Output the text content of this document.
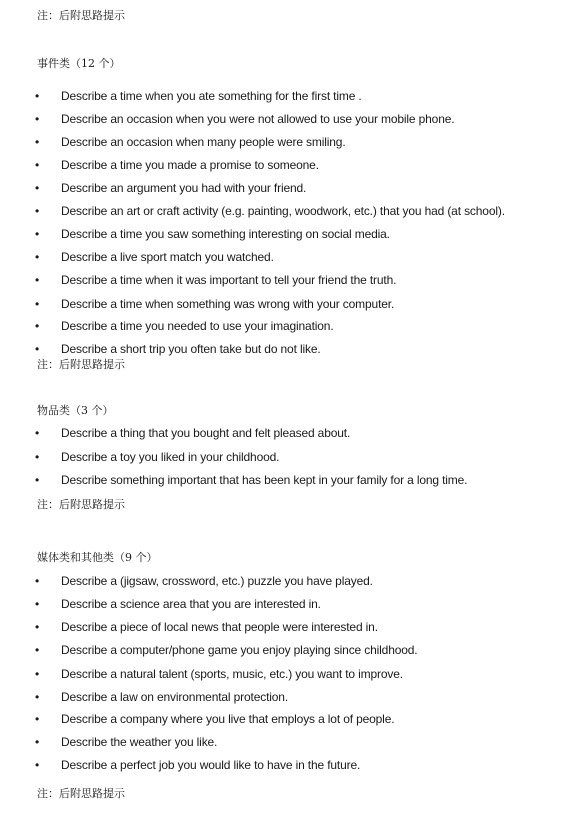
注：后附思路提示
事件类（12 个）
• Describe a time when you ate something for the first time .
• Describe an occasion when you were not allowed to use your mobile phone.
• Describe an occasion when many people were smiling.
• Describe a time you made a promise to someone.
• Describe an argument you had with your friend.
• Describe an art or craft activity (e.g. painting, woodwork, etc.) that you had (at school).
• Describe a time you saw something interesting on social media.
• Describe a live sport match you watched.
• Describe a time when it was important to tell your friend the truth.
• Describe a time when something was wrong with your computer.
• Describe a time you needed to use your imagination.
• Describe a short trip you often take but do not like.
注：后附思路提示
物品类（3 个）
• Describe a thing that you bought and felt pleased about.
• Describe a toy you liked in your childhood.
• Describe something important that has been kept in your family for a long time.
注：后附思路提示
媒体类和其他类（9 个）
• Describe a (jigsaw, crossword, etc.) puzzle you have played.
• Describe a science area that you are interested in.
• Describe a piece of local news that people were interested in.
• Describe a computer/phone game you enjoy playing since childhood.
• Describe a natural talent (sports, music, etc.) you want to improve.
• Describe a law on environmental protection.
• Describe a company where you live that employs a lot of people.
• Describe the weather you like.
• Describe a perfect job you would like to have in the future.
注：后附思路提示
